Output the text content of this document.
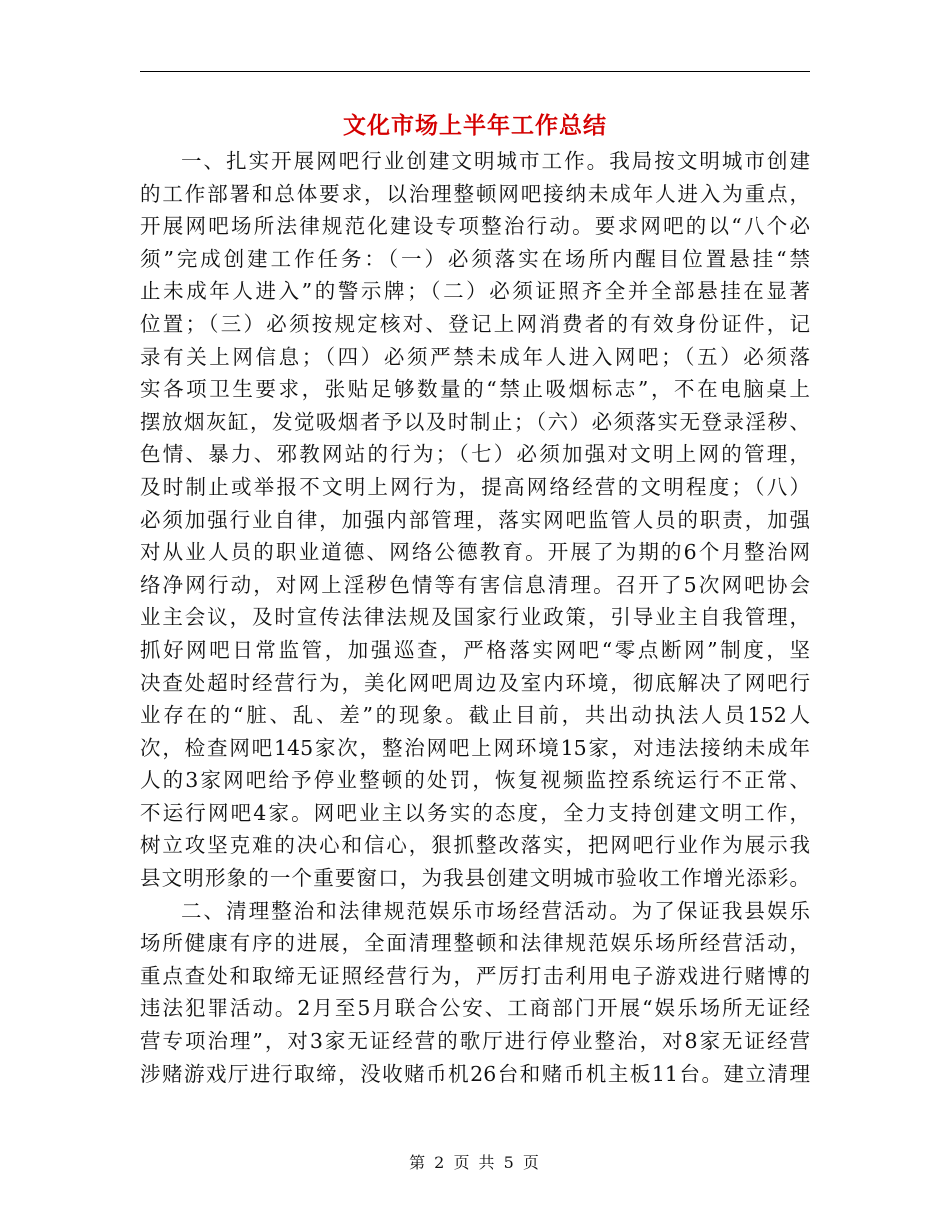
文化市场上半年工作总结
一、扎实开展网吧行业创建文明城市工作。我局按文明城市创建
的工作部署和总体要求，以治理整顿网吧接纳未成年人进入为重点，
开展网吧场所法律规范化建设专项整治行动。要求网吧的以“八个必
须”完成创建工作任务：（一）必须落实在场所内醒目位置悬挂“禁
止未成年人进入”的警示牌；（二）必须证照齐全并全部悬挂在显著
位置；（三）必须按规定核对、登记上网消费者的有效身份证件，记
录有关上网信息；（四）必须严禁未成年人进入网吧；（五）必须落
实各项卫生要求，张贴足够数量的“禁止吸烟标志”，不在电脑桌上
摆放烟灰缸，发觉吸烟者予以及时制止；（六）必须落实无登录淫秽、
色情、暴力、邪教网站的行为；（七）必须加强对文明上网的管理，
及时制止或举报不文明上网行为，提高网络经营的文明程度；（八）
必须加强行业自律，加强内部管理，落实网吧监管人员的职责，加强
对从业人员的职业道德、网络公德教育。开展了为期的6个月整治网
络净网行动，对网上淫秽色情等有害信息清理。召开了5次网吧协会
业主会议，及时宣传法律法规及国家行业政策，引导业主自我管理，
抓好网吧日常监管，加强巡查，严格落实网吧“零点断网”制度，坚
决查处超时经营行为，美化网吧周边及室内环境，彻底解决了网吧行
业存在的“脏、乱、差”的现象。截止目前，共出动执法人员152人
次，检查网吧145家次，整治网吧上网环境15家，对违法接纳未成年
人的3家网吧给予停业整顿的处罚，恢复视频监控系统运行不正常、
不运行网吧4家。网吧业主以务实的态度，全力支持创建文明工作，
树立攻坚克难的决心和信心，狠抓整改落实，把网吧行业作为展示我
县文明形象的一个重要窗口，为我县创建文明城市验收工作增光添彩。
二、清理整治和法律规范娱乐市场经营活动。为了保证我县娱乐
场所健康有序的进展，全面清理整顿和法律规范娱乐场所经营活动，
重点查处和取缔无证照经营行为，严厉打击利用电子游戏进行赌博的
违法犯罪活动。2月至5月联合公安、工商部门开展“娱乐场所无证经
营专项治理”，对3家无证经营的歌厅进行停业整治，对8家无证经营
涉赌游戏厅进行取缔，没收赌币机26台和赌币机主板11台。建立清理
第 2 页 共 5 页
